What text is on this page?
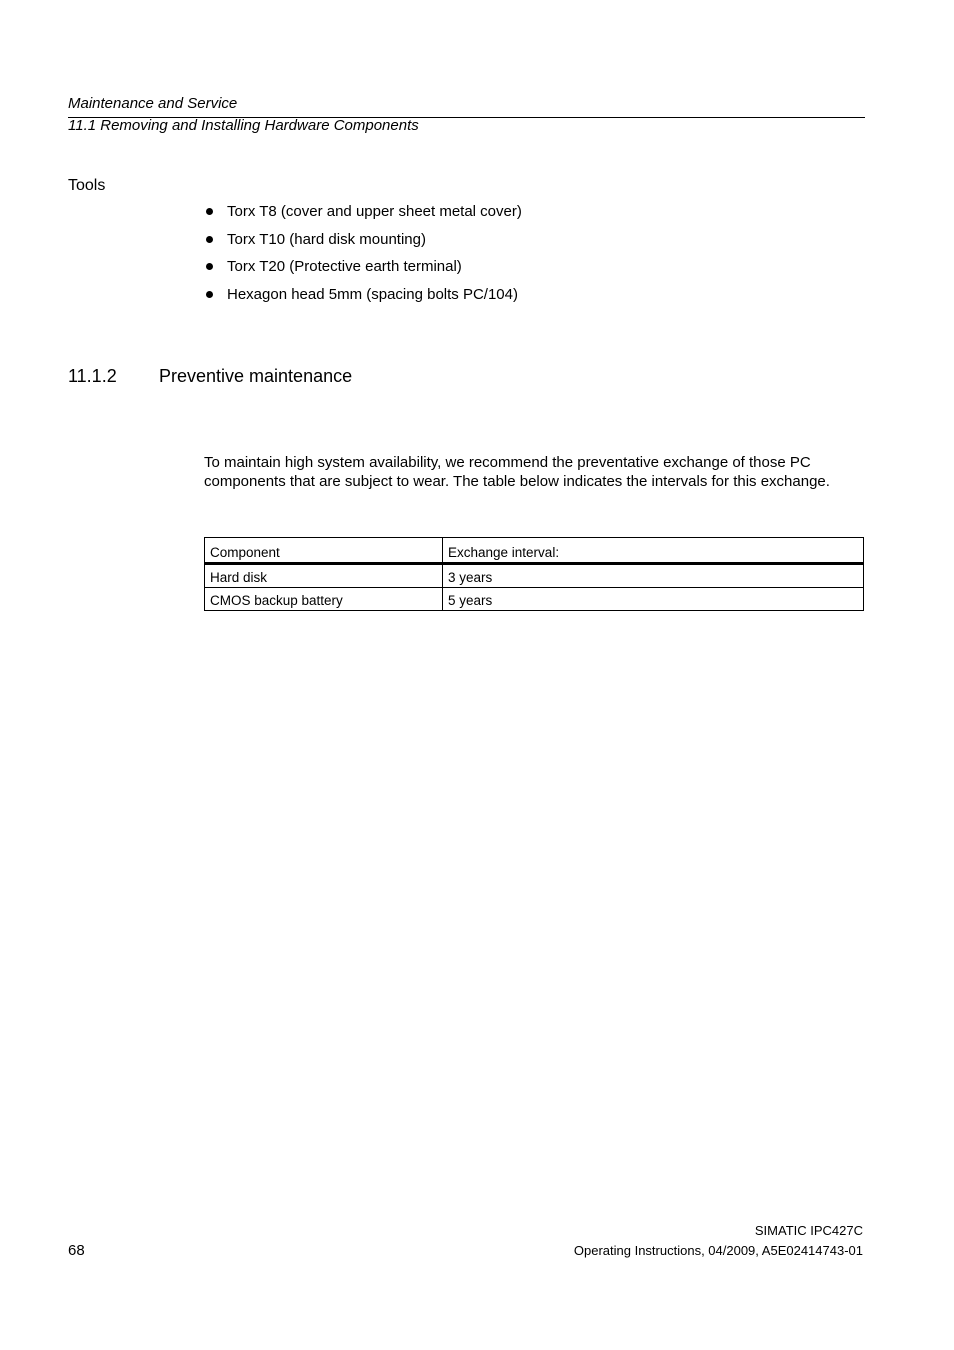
Maintenance and Service
11.1 Removing and Installing Hardware Components
Tools
Torx T8 (cover and upper sheet metal cover)
Torx T10 (hard disk mounting)
Torx T20 (Protective earth terminal)
Hexagon head 5mm (spacing bolts PC/104)
11.1.2 Preventive maintenance

To maintain high system availability, we recommend the preventative exchange of those PC components that are subject to wear. The table below indicates the intervals for this exchange.

Component	Exchange interval:
Hard disk	3 years
CMOS backup battery	5 years
SIMATIC IPC427C
68	Operating Instructions, 04/2009, A5E02414743-01
